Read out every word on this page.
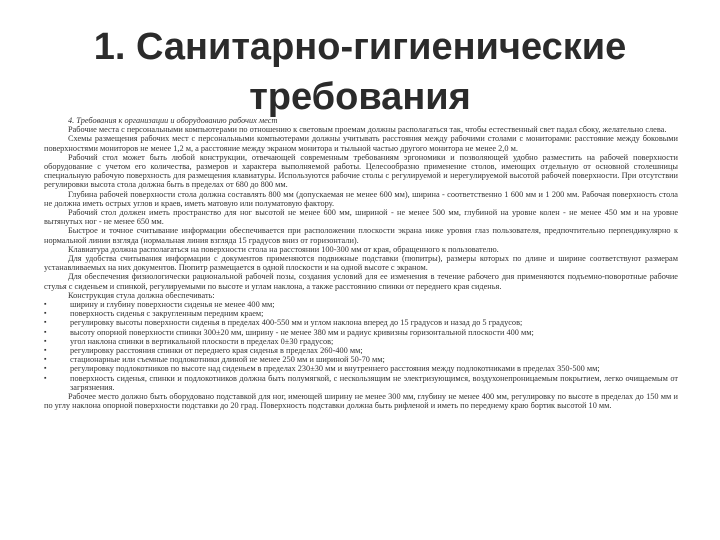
1. Санитарно-гигиенические
требования

4. Требования к организации и оборудованию рабочих мест

Рабочие места с персональными компьютерами по отношению к световым проемам должны располагаться так, чтобы естественный свет падал сбоку, желательно слева.

Схемы размещения рабочих мест с персональными компьютерами должны учитывать расстояния между рабочими столами с мониторами: расстояние между боковыми поверхностями мониторов не менее 1,2 м, а расстояние между экраном монитора и тыльной частью другого монитора не менее 2,0 м.

Рабочий стол может быть любой конструкции, отвечающей современным требованиям эргономики и позволяющей удобно разместить на рабочей поверхности оборудование с учетом его количества, размеров и характера выполняемой работы. Целесообразно применение столов, имеющих отдельную от основной столешницы специальную рабочую поверхность для размещения клавиатуры. Используются рабочие столы с регулируемой и нерегулируемой высотой рабочей поверхности. При отсутствии регулировки высота стола должна быть в пределах от 680 до 800 мм.

Глубина рабочей поверхности стола должна составлять 800 мм (допускаемая не менее 600 мм), ширина - соответственно 1 600 мм и 1 200 мм. Рабочая поверхность стола не должна иметь острых углов и краев, иметь матовую или полуматовую фактору.

Рабочий стол должен иметь пространство для ног высотой не менее 600 мм, шириной - не менее 500 мм, глубиной на уровне колен - не менее 450 мм и на уровне вытянутых ног - не менее 650 мм.

Быстрое и точное считывание информации обеспечивается при расположении плоскости экрана ниже уровня глаз пользователя, предпочтительно перпендикулярно к нормальной линии взгляда (нормальная линия взгляда 15 градусов вниз от горизонтали).

Клавиатура должна располагаться на поверхности стола на расстоянии 100-300 мм от края, обращенного к пользователю.

Для удобства считывания информации с документов применяются подвижные подставки (пюпитры), размеры которых по длине и ширине соответствуют размерам устанавливаемых на них документов. Пюпитр размещается в одной плоскости и на одной высоте с экраном.

Для обеспечения физиологически рациональной рабочей позы, создания условий для ее изменения в течение рабочего дня применяются подъемно-поворотные рабочие стулья с сиденьем и спинкой, регулируемыми по высоте и углам наклона, а также расстоянию спинки от переднего края сиденья.

Конструкция стула должна обеспечивать:

▪ ширину и глубину поверхности сиденья не менее 400 мм;
▪ поверхность сиденья с закругленным передним краем;
▪ регулировку высоты поверхности сиденья в пределах 400-550 мм и углом наклона вперед до 15 градусов и назад до 5 градусов;
▪ высоту опорной поверхности спинки 300±20 мм, ширину - не менее 380 мм и радиус кривизны горизонтальной плоскости 400 мм;
▪ угол наклона спинки в вертикальной плоскости в пределах 0±30 градусов;
▪ регулировку расстояния спинки от переднего края сиденья в пределах 260-400 мм;
▪ стационарные или съемные подлокотники длиной не менее 250 мм и шириной 50-70 мм;
▪ регулировку подлокотников по высоте над сиденьем в пределах 230±30 мм и внутреннего расстояния между подлокотниками в пределах 350-500 мм;
▪ поверхность сиденья, спинки и подлокотников должна быть полумягкой, с нескользящим не электризующимся, воздухонепроницаемым покрытием, легко очищаемым от загрязнения.

Рабочее место должно быть оборудовано подставкой для ног, имеющей ширину не менее 300 мм, глубину не менее 400 мм, регулировку по высоте в пределах до 150 мм и по углу наклона опорной поверхности подставки до 20 град. Поверхность подставки должна быть рифленой и иметь по переднему краю бортик высотой 10 мм.
